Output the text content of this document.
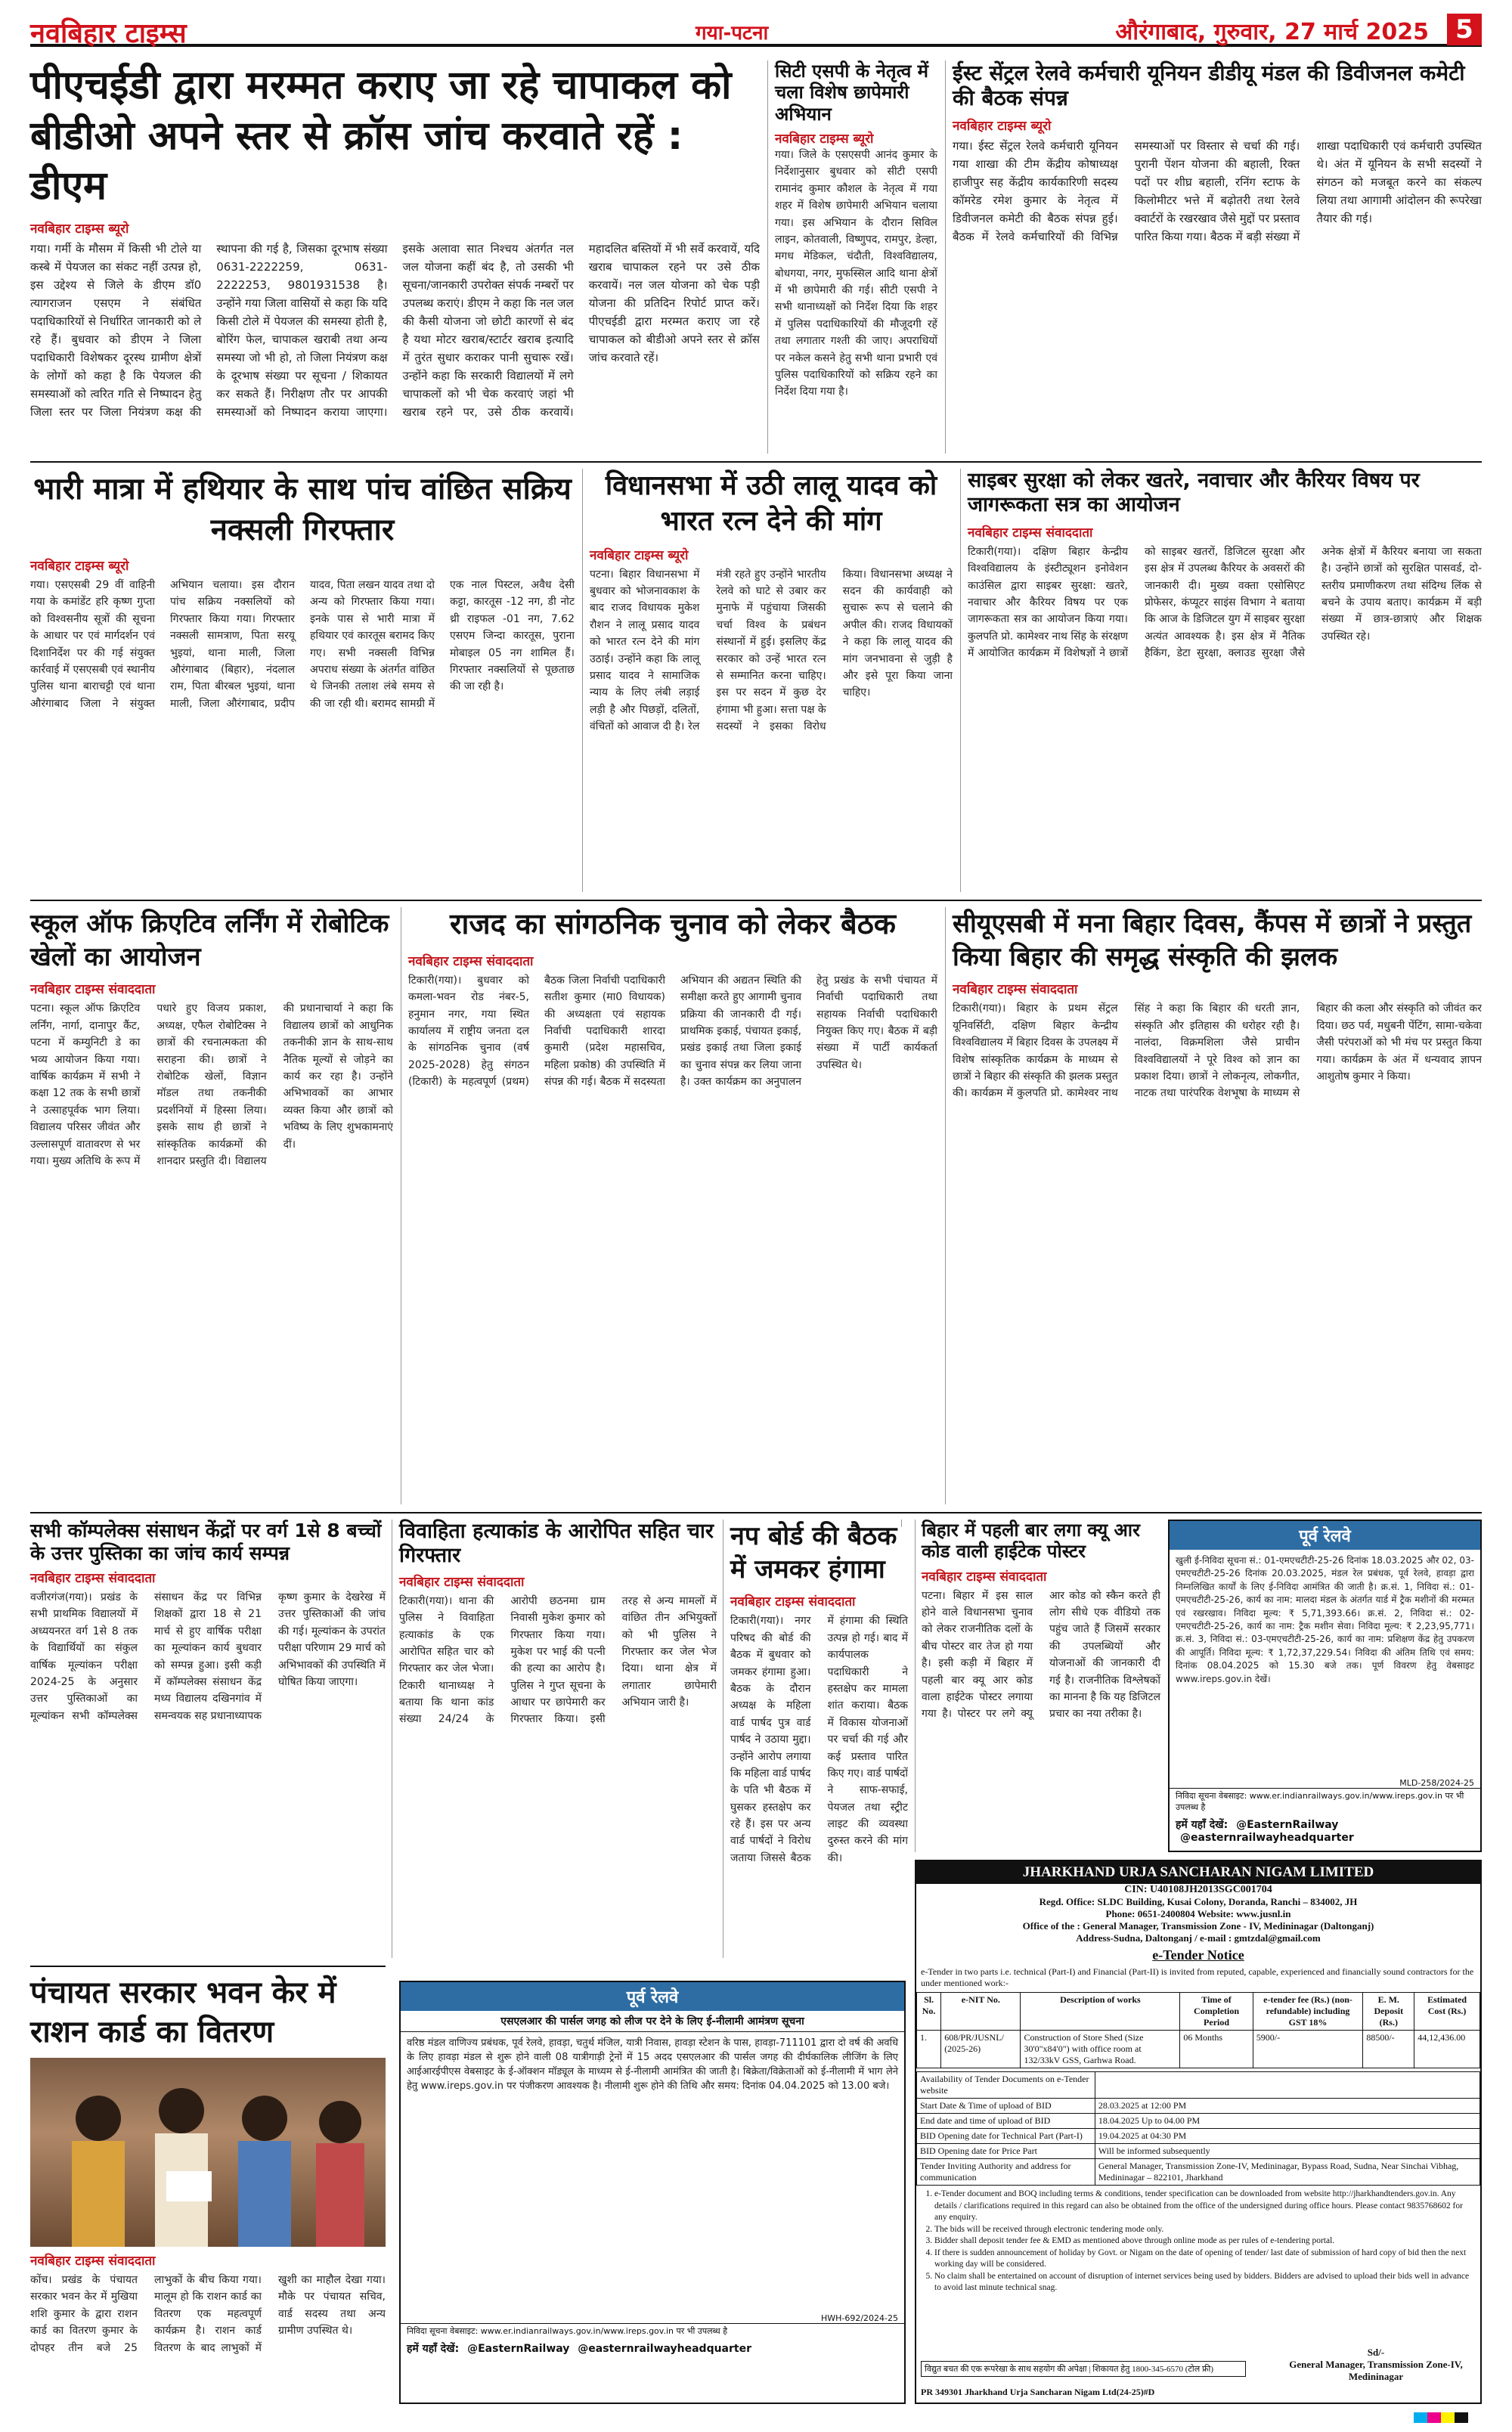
नवबिहार टाइम्स	गया-पटना	औरंगाबाद, गुरुवार, 27 मार्च 2025	5
पीएचईडी द्वारा मरम्मत कराए जा रहे चापाकल को बीडीओ अपने स्तर से क्रॉस जांच करवाते रहें : डीएम
नवबिहार टाइम्स ब्यूरो
गया। गर्मी के मौसम में किसी भी टोले या कस्बे में पेयजल का संकट नहीं उत्पन्न हो, इस उद्देश्य से जिले के डीएम डॉ0 त्यागराजन एसएम ने संबंधित पदाधिकारियों से निर्धारित जानकारी को ले रहे हैं। बुधवार को डीएम ने जिला पदाधिकारी विशेषकर दूरस्थ ग्रामीण क्षेत्रों के लोगों को कहा है कि पेयजल की समस्याओं को त्वरित गति से निष्पादन हेतु जिला स्तर पर जिला नियंत्रण कक्ष की स्थापना की गई है, जिसका दूरभाष संख्या 0631-2222259, 0631-2222253, 9801931538 है। उन्होंने गया जिला वासियों से कहा कि यदि किसी टोले में पेयजल की समस्या होती है, बोरिंग फेल, चापाकल खराबी तथा अन्य समस्या जो भी हो, तो जिला नियंत्रण कक्ष के दूरभाष संख्या पर सूचना / शिकायत कर सकते हैं। निरीक्षण तौर पर आपकी समस्याओं को निष्पादन कराया जाएगा। इसके अलावा सात निश्चय अंतर्गत नल जल योजना कहीं बंद है, तो उसकी भी सूचना/जानकारी उपरोक्त संपर्क नम्बरों पर उपलब्ध कराएं। डीएम ने कहा कि नल जल की कैसी योजना जो छोटी कारणों से बंद है यथा मोटर खराब/स्टार्टर खराब इत्यादि में तुरंत सुधार कराकर पानी सुचारू रखें। उन्होंने कहा कि सरकारी विद्यालयों में लगे चापाकलों को भी चेक करवाएं जहां भी खराब रहने पर, उसे ठीक करवायें। महादलित बस्तियों में भी सर्वे करवायें, यदि खराब चापाकल रहने पर उसे ठीक करवायें। नल जल योजना को चेक पड़ी योजना की प्रतिदिन रिपोर्ट प्राप्त करें। पीएचईडी द्वारा मरम्मत कराए जा रहे चापाकल को बीडीओ अपने स्तर से क्रॉस जांच करवाते रहें।
सिटी एसपी के नेतृत्व में चला विशेष छापेमारी अभियान
नवबिहार टाइम्स ब्यूरो
गया। जिले के एसएसपी आनंद कुमार के निर्देशानुसार बुधवार को सीटी एसपी रामानंद कुमार कौशल के नेतृत्व में गया शहर में विशेष छापेमारी अभियान चलाया गया। इस अभियान के दौरान सिविल लाइन, कोतवाली, विष्णुपद, रामपुर, डेल्हा, मगध मेडिकल, चंदौती, विश्वविद्यालय, बोधगया, नगर, मुफस्सिल आदि थाना क्षेत्रों में भी छापेमारी की गई। सीटी एसपी ने सभी थानाध्यक्षों को निर्देश दिया कि शहर में पुलिस पदाधिकारियों की मौजूदगी रहें तथा लगातार गश्ती की जाए। अपराधियों पर नकेल कसने हेतु सभी थाना प्रभारी एवं पुलिस पदाधिकारियों को सक्रिय रहने का निर्देश दिया गया है।
ईस्ट सेंट्रल रेलवे कर्मचारी यूनियन डीडीयू मंडल की डिवीजनल कमेटी की बैठक संपन्न
नवबिहार टाइम्स ब्यूरो
गया। ईस्ट सेंट्रल रेलवे कर्मचारी यूनियन गया शाखा की टीम केंद्रीय कोषाध्यक्ष हाजीपुर सह केंद्रीय कार्यकारिणी सदस्य कॉमरेड रमेश कुमार के नेतृत्व में डिवीजनल कमेटी की बैठक संपन्न हुई। बैठक में रेलवे कर्मचारियों की विभिन्न समस्याओं पर विस्तार से चर्चा की गई। पुरानी पेंशन योजना की बहाली, रिक्त पदों पर शीघ्र बहाली, रनिंग स्टाफ के किलोमीटर भत्ते में बढ़ोतरी तथा रेलवे क्वार्टरों के रखरखाव जैसे मुद्दों पर प्रस्ताव पारित किया गया। बैठक में बड़ी संख्या में शाखा पदाधिकारी एवं कर्मचारी उपस्थित थे। अंत में यूनियन के सभी सदस्यों ने संगठन को मजबूत करने का संकल्प लिया तथा आगामी आंदोलन की रूपरेखा तैयार की गई।
भारी मात्रा में हथियार के साथ पांच वांछित सक्रिय नक्सली गिरफ्तार
नवबिहार टाइम्स ब्यूरो
गया। एसएसबी 29 वीं वाहिनी गया के कमांडेंट हरि कृष्ण गुप्ता को विश्वसनीय सूत्रों की सूचना के आधार पर एवं मार्गदर्शन एवं दिशानिर्देश पर की गई संयुक्त कार्रवाई में एसएसबी एवं स्थानीय पुलिस थाना बाराचट्टी एवं थाना औरंगाबाद जिला ने संयुक्त अभियान चलाया। इस दौरान पांच सक्रिय नक्सलियों को गिरफ्तार किया गया। गिरफ्तार नक्सली सामत्राण, पिता सरयू भुइयां, थाना माली, जिला औरंगाबाद (बिहार), नंदलाल राम, पिता बीरबल भुइयां, थाना माली, जिला औरंगाबाद, प्रदीप यादव, पिता लखन यादव तथा दो अन्य को गिरफ्तार किया गया। इनके पास से भारी मात्रा में हथियार एवं कारतूस बरामद किए गए। सभी नक्सली विभिन्न अपराध संख्या के अंतर्गत वांछित थे जिनकी तलाश लंबे समय से की जा रही थी। बरामद सामग्री में एक नाल पिस्टल, अवैध देसी कट्टा, कारतूस -12 नग, डी नोट थ्री राइफल -01 नग, 7.62 एसएम जिन्दा कारतूस, पुराना मोबाइल 05 नग शामिल हैं। गिरफ्तार नक्सलियों से पूछताछ की जा रही है।
विधानसभा में उठी लालू यादव को भारत रत्न देने की मांग
नवबिहार टाइम्स ब्यूरो
पटना। बिहार विधानसभा में बुधवार को भोजनावकाश के बाद राजद विधायक मुकेश रौशन ने लालू प्रसाद यादव को भारत रत्न देने की मांग उठाई। उन्होंने कहा कि लालू प्रसाद यादव ने सामाजिक न्याय के लिए लंबी लड़ाई लड़ी है और पिछड़ों, दलितों, वंचितों को आवाज दी है। रेल मंत्री रहते हुए उन्होंने भारतीय रेलवे को घाटे से उबार कर मुनाफे में पहुंचाया जिसकी चर्चा विश्व के प्रबंधन संस्थानों में हुई। इसलिए केंद्र सरकार को उन्हें भारत रत्न से सम्मानित करना चाहिए। इस पर सदन में कुछ देर हंगामा भी हुआ। सत्ता पक्ष के सदस्यों ने इसका विरोध किया। विधानसभा अध्यक्ष ने सदन की कार्यवाही को सुचारू रूप से चलाने की अपील की। राजद विधायकों ने कहा कि लालू यादव की मांग जनभावना से जुड़ी है और इसे पूरा किया जाना चाहिए।
साइबर सुरक्षा को लेकर खतरे, नवाचार और कैरियर विषय पर जागरूकता सत्र का आयोजन
नवबिहार टाइम्स संवाददाता
टिकारी(गया)। दक्षिण बिहार केन्द्रीय विश्वविद्यालय के इंस्टीट्यूशन इनोवेशन काउंसिल द्वारा साइबर सुरक्षा: खतरे, नवाचार और कैरियर विषय पर एक जागरूकता सत्र का आयोजन किया गया। कुलपति प्रो. कामेश्वर नाथ सिंह के संरक्षण में आयोजित कार्यक्रम में विशेषज्ञों ने छात्रों को साइबर खतरों, डिजिटल सुरक्षा और इस क्षेत्र में उपलब्ध कैरियर के अवसरों की जानकारी दी। मुख्य वक्ता एसोसिएट प्रोफेसर, कंप्यूटर साइंस विभाग ने बताया कि आज के डिजिटल युग में साइबर सुरक्षा अत्यंत आवश्यक है। इस क्षेत्र में नैतिक हैकिंग, डेटा सुरक्षा, क्लाउड सुरक्षा जैसे अनेक क्षेत्रों में कैरियर बनाया जा सकता है। उन्होंने छात्रों को सुरक्षित पासवर्ड, दो-स्तरीय प्रमाणीकरण तथा संदिग्ध लिंक से बचने के उपाय बताए। कार्यक्रम में बड़ी संख्या में छात्र-छात्राएं और शिक्षक उपस्थित रहे।
स्कूल ऑफ क्रिएटिव लर्निंग में रोबोटिक खेलों का आयोजन
नवबिहार टाइम्स संवाददाता
पटना। स्कूल ऑफ क्रिएटिव लर्निंग, नार्गा, दानापुर कैंट, पटना में कम्युनिटी डे का भव्य आयोजन किया गया। वार्षिक कार्यक्रम में सभी ने कक्षा 12 तक के सभी छात्रों ने उत्साहपूर्वक भाग लिया। विद्यालय परिसर जीवंत और उल्लासपूर्ण वातावरण से भर गया। मुख्य अतिथि के रूप में पधारे हुए विजय प्रकाश, अध्यक्ष, एफैल रोबोटिक्स ने छात्रों की रचनात्मकता की सराहना की। छात्रों ने रोबोटिक खेलों, विज्ञान मॉडल तथा तकनीकी प्रदर्शनियों में हिस्सा लिया। इसके साथ ही छात्रों ने सांस्कृतिक कार्यक्रमों की शानदार प्रस्तुति दी। विद्यालय की प्रधानाचार्या ने कहा कि विद्यालय छात्रों को आधुनिक तकनीकी ज्ञान के साथ-साथ नैतिक मूल्यों से जोड़ने का कार्य कर रहा है। उन्होंने अभिभावकों का आभार व्यक्त किया और छात्रों को भविष्य के लिए शुभकामनाएं दीं।
राजद का सांगठनिक चुनाव को लेकर बैठक
नवबिहार टाइम्स संवाददाता
टिकारी(गया)। बुधवार को कमला-भवन रोड नंबर-5, हनुमान नगर, गया स्थित कार्यालय में राष्ट्रीय जनता दल के सांगठनिक चुनाव (वर्ष 2025-2028) हेतु संगठन (टिकारी) के महत्वपूर्ण (प्रथम) बैठक जिला निर्वाची पदाधिकारी सतीश कुमार (मा0 विधायक) की अध्यक्षता एवं सहायक निर्वाची पदाधिकारी शारदा कुमारी (प्रदेश महासचिव, महिला प्रकोष्ठ) की उपस्थिति में संपन्न की गई। बैठक में सदस्यता अभियान की अद्यतन स्थिति की समीक्षा करते हुए आगामी चुनाव प्रक्रिया की जानकारी दी गई। प्राथमिक इकाई, पंचायत इकाई, प्रखंड इकाई तथा जिला इकाई का चुनाव संपन्न कर लिया जाना है। उक्त कार्यक्रम का अनुपालन हेतु प्रखंड के सभी पंचायत में निर्वाची पदाधिकारी तथा सहायक निर्वाची पदाधिकारी नियुक्त किए गए। बैठक में बड़ी संख्या में पार्टी कार्यकर्ता उपस्थित थे।
सीयूएसबी में मना बिहार दिवस, कैंपस में छात्रों ने प्रस्तुत किया बिहार की समृद्ध संस्कृति की झलक
नवबिहार टाइम्स संवाददाता
टिकारी(गया)। बिहार के प्रथम सेंट्रल यूनिवर्सिटी, दक्षिण बिहार केन्द्रीय विश्वविद्यालय में बिहार दिवस के उपलक्ष्य में विशेष सांस्कृतिक कार्यक्रम के माध्यम से छात्रों ने बिहार की संस्कृति की झलक प्रस्तुत की। कार्यक्रम में कुलपति प्रो. कामेश्वर नाथ सिंह ने कहा कि बिहार की धरती ज्ञान, संस्कृति और इतिहास की धरोहर रही है। नालंदा, विक्रमशिला जैसे प्राचीन विश्वविद्यालयों ने पूरे विश्व को ज्ञान का प्रकाश दिया। छात्रों ने लोकनृत्य, लोकगीत, नाटक तथा पारंपरिक वेशभूषा के माध्यम से बिहार की कला और संस्कृति को जीवंत कर दिया। छठ पर्व, मधुबनी पेंटिंग, सामा-चकेवा जैसी परंपराओं को भी मंच पर प्रस्तुत किया गया। कार्यक्रम के अंत में धन्यवाद ज्ञापन आशुतोष कुमार ने किया।
सभी कॉम्पलेक्स संसाधन केंद्रों पर वर्ग 1से 8 बच्चों के उत्तर पुस्तिका का जांच कार्य सम्पन्न
नवबिहार टाइम्स संवाददाता
वजीरगंज(गया)। प्रखंड के सभी प्राथमिक विद्यालयों में अध्ययनरत वर्ग 1से 8 तक के विद्यार्थियों का संकुल वार्षिक मूल्यांकन परीक्षा 2024-25 के अनुसार उत्तर पुस्तिकाओं का मूल्यांकन सभी कॉम्पलेक्स संसाधन केंद्र पर विभिन्न शिक्षकों द्वारा 18 से 21 मार्च से हुए वार्षिक परीक्षा का मूल्यांकन कार्य बुधवार को सम्पन्न हुआ। इसी कड़ी में कॉम्पलेक्स संसाधन केंद्र मध्य विद्यालय दखिनगांव में समन्वयक सह प्रधानाध्यापक कृष्ण कुमार के देखरेख में उत्तर पुस्तिकाओं की जांच की गई। मूल्यांकन के उपरांत परीक्षा परिणाम 29 मार्च को अभिभावकों की उपस्थिति में घोषित किया जाएगा।
विवाहिता हत्याकांड के आरोपित सहित चार गिरफ्तार
नवबिहार टाइम्स संवाददाता
टिकारी(गया)। थाना की पुलिस ने विवाहिता हत्याकांड के एक आरोपित सहित चार को गिरफ्तार कर जेल भेजा। टिकारी थानाध्यक्ष ने बताया कि थाना कांड संख्या 24/24 के आरोपी छठनमा ग्राम निवासी मुकेश कुमार को गिरफ्तार किया गया। मुकेश पर भाई की पत्नी की हत्या का आरोप है। पुलिस ने गुप्त सूचना के आधार पर छापेमारी कर गिरफ्तार किया। इसी तरह से अन्य मामलों में वांछित तीन अभियुक्तों को भी पुलिस ने गिरफ्तार कर जेल भेज दिया। थाना क्षेत्र में लगातार छापेमारी अभियान जारी है।
नप बोर्ड की बैठक में जमकर हंगामा
नवबिहार टाइम्स संवाददाता
टिकारी(गया)। नगर परिषद की बोर्ड की बैठक में बुधवार को जमकर हंगामा हुआ। बैठक के दौरान अध्यक्ष के महिला वार्ड पार्षद पुत्र वार्ड पार्षद ने उठाया मुद्दा। उन्होंने आरोप लगाया कि महिला वार्ड पार्षद के पति भी बैठक में घुसकर हस्तक्षेप कर रहे हैं। इस पर अन्य वार्ड पार्षदों ने विरोध जताया जिससे बैठक में हंगामा की स्थिति उत्पन्न हो गई। बाद में कार्यपालक पदाधिकारी ने हस्तक्षेप कर मामला शांत कराया। बैठक में विकास योजनाओं पर चर्चा की गई और कई प्रस्ताव पारित किए गए। वार्ड पार्षदों ने साफ-सफाई, पेयजल तथा स्ट्रीट लाइट की व्यवस्था दुरुस्त करने की मांग की।
पूर्व रेलवे
खुली ई-निविदा सूचना सं.: 01-एमएचटीटी-25-26 दिनांक 18.03.2025 और 02, 03- एमएचटीटी-25-26 दिनांक 20.03.2025, मंडल रेल प्रबंधक, पूर्व रेलवे, हावड़ा द्वारा निम्नलिखित कार्यों के लिए ई-निविदा आमंत्रित की जाती है। क्र.सं. 1, निविदा सं.: 01-एमएचटीटी-25-26, कार्य का नाम: मालदा मंडल के अंतर्गत यार्ड में ट्रैक मशीनों की मरम्मत एवं रखरखाव। निविदा मूल्य: ₹ 5,71,393.66। क्र.सं. 2, निविदा सं.: 02-एमएचटीटी-25-26, कार्य का नाम: ट्रैक मशीन सेवा। निविदा मूल्य: ₹ 2,23,95,771। क्र.सं. 3, निविदा सं.: 03-एमएचटीटी-25-26, कार्य का नाम: प्रशिक्षण केंद्र हेतु उपकरण की आपूर्ति। निविदा मूल्य: ₹ 1,72,37,229.54। निविदा की अंतिम तिथि एवं समय: दिनांक 08.04.2025 को 15.30 बजे तक। पूर्ण विवरण हेतु वेबसाइट www.ireps.gov.in देखें।
MLD-258/2024-25
निविदा सूचना वेबसाइट: www.er.indianrailways.gov.in/www.ireps.gov.in पर भी उपलब्ध है
हमें यहाँ देखें: @EasternRailway @easternrailwayheadquarter
JHARKHAND URJA SANCHARAN NIGAM LIMITED
CIN: U40108JH2013SGC001704
Regd. Office: SLDC Building, Kusai Colony, Doranda, Ranchi – 834002, JH
Phone: 0651-2400804 Website: www.jusnl.in
Office of the : General Manager, Transmission Zone - IV, Medininagar (Daltonganj)
Address-Sudna, Daltonganj / e-mail : gmtzdal@gmail.com
e-Tender Notice
e-Tender in two parts i.e. technical (Part-I) and Financial (Part-II) is invited from reputed, capable, experienced and financially sound contractors for the under mentioned work:-
Sl. No.	e-NIT No.	Description of works	Time of Completion Period	e-tender fee (Rs.) (non-refundable) including GST 18%	E. M. Deposit (Rs.)	Estimated Cost (Rs.)
1.	608/PR/JUSNL/ (2025-26)	Construction of Store Shed (Size 30'0"x84'0") with office room at 132/33kV GSS, Garhwa Road.	06 Months	5900/-	88500/-	44,12,436.00
Availability of Tender Documents on e-Tender website	
Start Date & Time of upload of BID	28.03.2025 at 12:00 PM
End date and time of upload of BID	18.04.2025 Up to 04.00 PM
BID Opening date for Technical Part (Part-I)	19.04.2025 at 04:30 PM
BID Opening date for Price Part	Will be informed subsequently
Tender Inviting Authority and address for communication	General Manager, Transmission Zone-IV, Medininagar, Bypass Road, Sudna, Near Sinchai Vibhag, Medininagar – 822101, Jharkhand
1. e-Tender document and BOQ including terms & conditions, tender specification can be downloaded from website http://jharkhandtenders.gov.in. Any details / clarifications required in this regard can also be obtained from the office of the undersigned during office hours. Please contact 9835768602 for any enquiry.
2. The bids will be received through electronic tendering mode only.
3. Bidder shall deposit tender fee & EMD as mentioned above through online mode as per rules of e-tendering portal.
4. If there is sudden announcement of holiday by Govt. or Nigam on the date of opening of tender/ last date of submission of hard copy of bid then the next working day will be considered.
5. No claim shall be entertained on account of disruption of internet services being used by bidders. Bidders are advised to upload their bids well in advance to avoid last minute technical snag.
विद्युत बचत की एक रूपरेखा के साथ सहयोग की अपेक्षा | शिकायत हेतु 1800-345-6570 (टोल फ्री)
Sd/-
General Manager, Transmission Zone-IV, Medininagar
PR 349301 Jharkhand Urja Sancharan Nigam Ltd(24-25)#D
पंचायत सरकार भवन केर में राशन कार्ड का वितरण
नवबिहार टाइम्स संवाददाता
कोंच। प्रखंड के पंचायत सरकार भवन केर में मुखिया शशि कुमार के द्वारा राशन कार्ड का वितरण कुमार के दोपहर तीन बजे 25 लाभुकों के बीच किया गया। मालूम हो कि राशन कार्ड का वितरण एक महत्वपूर्ण कार्यक्रम है। राशन कार्ड वितरण के बाद लाभुकों में खुशी का माहौल देखा गया। मौके पर पंचायत सचिव, वार्ड सदस्य तथा अन्य ग्रामीण उपस्थित थे।
पूर्व रेलवे
एसएलआर की पार्सल जगह को लीज पर देने के लिए ई-नीलामी आमंत्रण सूचना
वरिष्ठ मंडल वाणिज्य प्रबंधक, पूर्व रेलवे, हावड़ा, चतुर्थ मंजिल, यात्री निवास, हावड़ा स्टेशन के पास, हावड़ा-711101 द्वारा दो वर्ष की अवधि के लिए हावड़ा मंडल से शुरू होने वाली 08 यात्रीगाड़ी ट्रेनों में 15 अदद एसएलआर की पार्सल जगह की दीर्घकालिक लीजिंग के लिए आईआरईपीएस वेबसाइट के ई-ऑक्शन मॉड्यूल के माध्यम से ई-नीलामी आमंत्रित की जाती है। बिक्रेता/विक्रेताओं को ई-नीलामी में भाग लेने हेतु www.ireps.gov.in पर पंजीकरण आवश्यक है। नीलामी शुरू होने की तिथि और समय: दिनांक 04.04.2025 को 13.00 बजे।
HWH-692/2024-25
निविदा सूचना वेबसाइट: www.er.indianrailways.gov.in/www.ireps.gov.in पर भी उपलब्ध है
हमें यहाँ देखें: @EasternRailway @easternrailwayheadquarter
बिहार में पहली बार लगा क्यू आर कोड वाली हाईटेक पोस्टर
नवबिहार टाइम्स संवाददाता
पटना। बिहार में इस साल होने वाले विधानसभा चुनाव को लेकर राजनीतिक दलों के बीच पोस्टर वार तेज हो गया है। इसी कड़ी में बिहार में पहली बार क्यू आर कोड वाला हाईटेक पोस्टर लगाया गया है। पोस्टर पर लगे क्यू आर कोड को स्कैन करते ही लोग सीधे एक वीडियो तक पहुंच जाते हैं जिसमें सरकार की उपलब्धियों और योजनाओं की जानकारी दी गई है। राजनीतिक विश्लेषकों का मानना है कि यह डिजिटल प्रचार का नया तरीका है।
